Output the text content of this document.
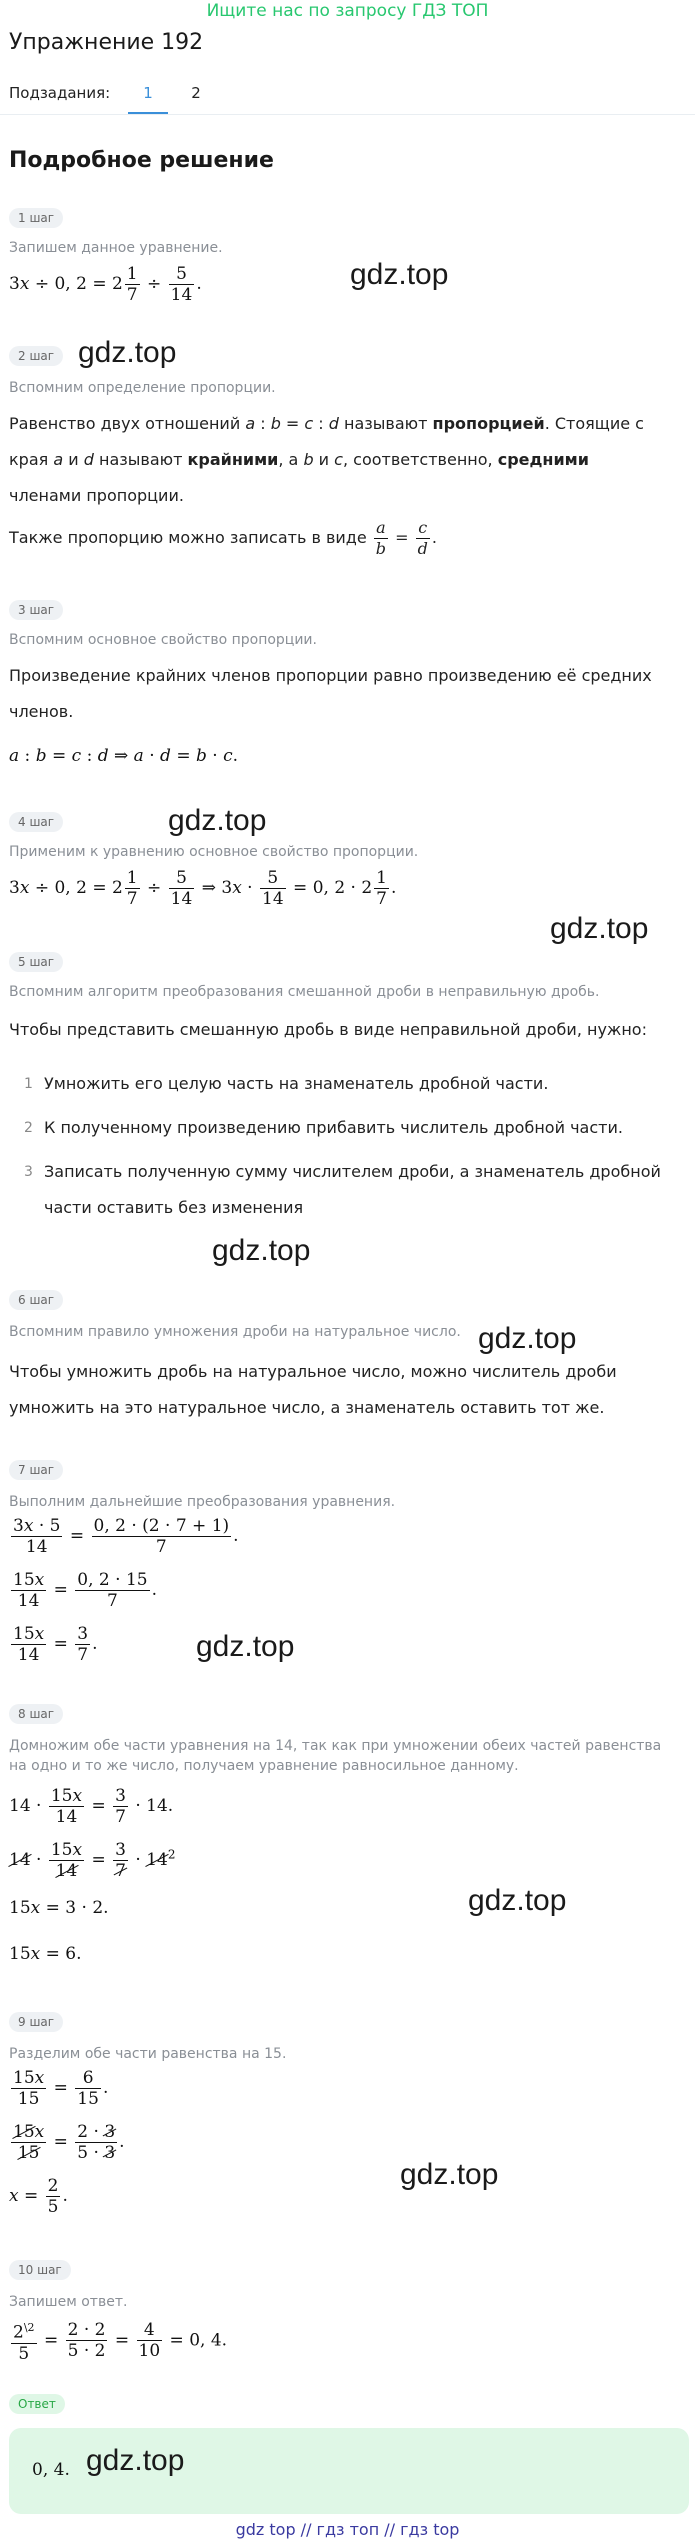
Ищите нас по запросу ГДЗ ТОП
Упражнение 192
Подзадания:	1	2
Подробное решение
1 шаг
Запишем данное уравнение.
3x ÷ 0, $2 = 2 \frac{1}{7} \div \frac{5}{14}$ .	gdz.top
2 шаг gdz.top
Вспомним определение пропорции.
Равенство двух отношений a : b = c : d называют пропорцией. Стоящие с края a и d называют крайними, а b и c, соответственно, средними членами пропорции.
Также пропорцию можно записать в виде $\frac{a}{b} = \frac{c}{d}$ .
3 шаг
Вспомним основное свойство пропорции.
Произведение крайних членов пропорции равно произведению её средних членов.
a : b = c : d ⇒ a · d = b · c.
4 шаг	gdz.top
Применим к уравнению основное свойство пропорции.
3x ÷ 0, $2 = 2 \frac{1}{7} \div \frac{5}{14}$ ⇒ $3x \cdot \frac{5}{14} = 0$, $2 \cdot 2 \frac{1}{7}$ .
gdz.top
5 шаг
Вспомним алгоритм преобразования смешанной дроби в неправильную дробь.
Чтобы представить смешанную дробь в виде неправильной дроби, нужно:
1 Умножить его целую часть на знаменатель дробной части.
2 К полученному произведению прибавить числитель дробной части.
3 Записать полученную сумму числителем дроби, а знаменатель дробной части оставить без изменения
gdz.top
6 шаг
Вспомним правило умножения дроби на натуральное число. gdz.top
Чтобы умножить дробь на натуральное число, можно числитель дроби умножить на это натуральное число, а знаменатель оставить тот же.
7 шаг
Выполним дальнейшие преобразования уравнения.
$\frac{3x \cdot 5}{14} = \frac{0, 2 \cdot (2 \cdot 7 + 1)}{7}$ .
$\frac{15x}{14} = \frac{0, 2 \cdot 15}{7}$ .
$\frac{15x}{14} = \frac{3}{7}$ .	gdz.top
8 шаг
Домножим обе части уравнения на 14, так как при умножении обеих частей равенства на одно и то же число, получаем уравнение равносильное данному.
$14 \cdot \frac{15x}{14} = \frac{3}{7} \cdot 14$.
$14 \cdot \frac{15x}{14} = \frac{3}{7} \cdot 14^2$
gdz.top
15x = 3 · 2.
15x = 6.
9 шаг
Разделим обе части равенства на 15.
$\frac{15x}{15} = \frac{6}{15}$ .
$\frac{15x}{15} = \frac{2 \cdot 3}{5 \cdot 3}$ .
gdz.top
$x = \frac{2}{5}$ .
10 шаг
Запишем ответ.
$\frac{2^{\backslash 2}}{5} = \frac{2 \cdot 2}{5 \cdot 2} = \frac{4}{10} = 0$, 4.
Ответ
0, 4. gdz.top
gdz top // гдз топ // гдз top
